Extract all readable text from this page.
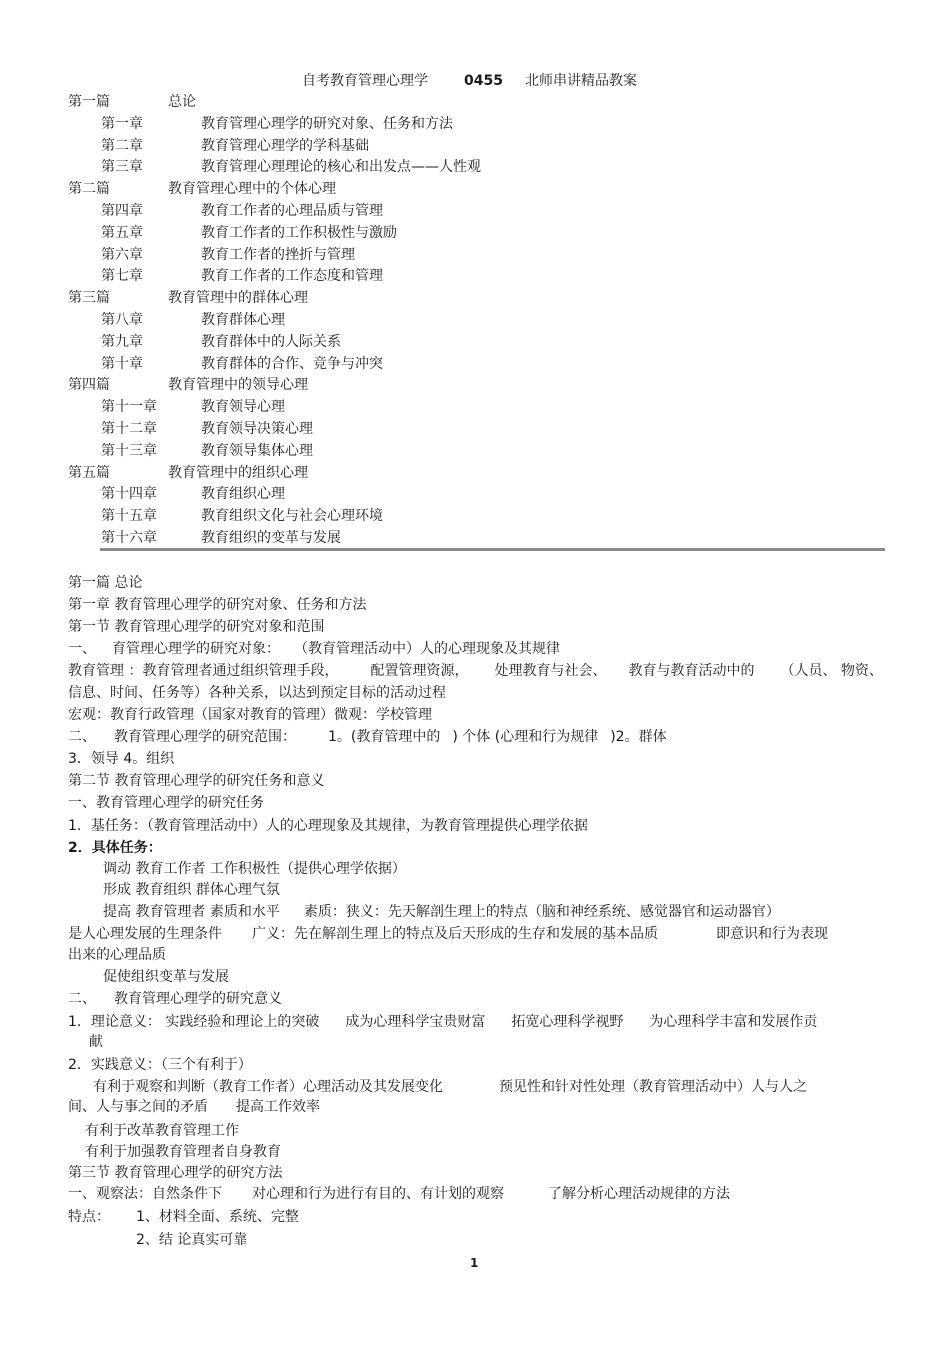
自考教育管理心理学	0455 北师串讲精品教案
第一篇	总论
第一章	教育管理心理学的研究对象、任务和方法
第二章	教育管理心理学的学科基础
第三章	教育管理心理理论的核心和出发点——人性观
第二篇	教育管理心理中的个体心理
第四章	教育工作者的心理品质与管理
第五章	教育工作者的工作积极性与激励
第六章	教育工作者的挫折与管理
第七章	教育工作者的工作态度和管理
第三篇	教育管理中的群体心理
第八章	教育群体心理
第九章	教育群体中的人际关系
第十章	教育群体的合作、竞争与冲突
第四篇	教育管理中的领导心理
第十一章	教育领导心理
第十二章	教育领导决策心理
第十三章	教育领导集体心理
第五篇	教育管理中的组织心理
第十四章	教育组织心理
第十五章	教育组织文化与社会心理环境
第十六章	教育组织的变革与发展
第一篇 总论
第一章 教育管理心理学的研究对象、任务和方法
第一节 教育管理心理学的研究对象和范围
一、 育管理心理学的研究对象： （教育管理活动中）人的心理现象及其规律
教育管理 ：教育管理者通过组织管理手段， 配置管理资源， 处理教育与社会、 教育与教育活动中的 （人员、 物资、
信息、时间、任务等）各种关系，以达到预定目标的活动过程
宏观：教育行政管理（国家对教育的管理）微观：学校管理
二、 教育管理心理学的研究范围： 1。(教育管理中的 ) 个体 (心理和行为规律 )2。群体
3．领导 4。组织
第二节 教育管理心理学的研究任务和意义
一、教育管理心理学的研究任务
1．基任务：（教育管理活动中）人的心理现象及其规律，为教育管理提供心理学依据
2．具体任务：
调动 教育工作者 工作积极性（提供心理学依据）
形成 教育组织 群体心理气氛
提高 教育管理者 素质和水平 素质：狭义：先天解剖生理上的特点（脑和神经系统、感觉器官和运动器官）
是人心理发展的生理条件 广义：先在解剖生理上的特点及后天形成的生存和发展的基本品质	即意识和行为表现
出来的心理品质
促使组织变革与发展
二、 教育管理心理学的研究意义
1．理论意义： 实践经验和理论上的突破 成为心理科学宝贵财富 拓宽心理科学视野 为心理科学丰富和发展作贡
献
2．实践意义：（三个有利于）
有利于观察和判断（教育工作者）心理活动及其发展变化	预见性和针对性处理（教育管理活动中）人与人之
间、人与事之间的矛盾 提高工作效率
有利于改革教育管理工作
有利于加强教育管理者自身教育
第三节 教育管理心理学的研究方法
一、观察法：自然条件下 对心理和行为进行有目的、有计划的观察	了解分析心理活动规律的方法
特点： 1、材料全面、系统、完整
2、结 论真实可靠
1
